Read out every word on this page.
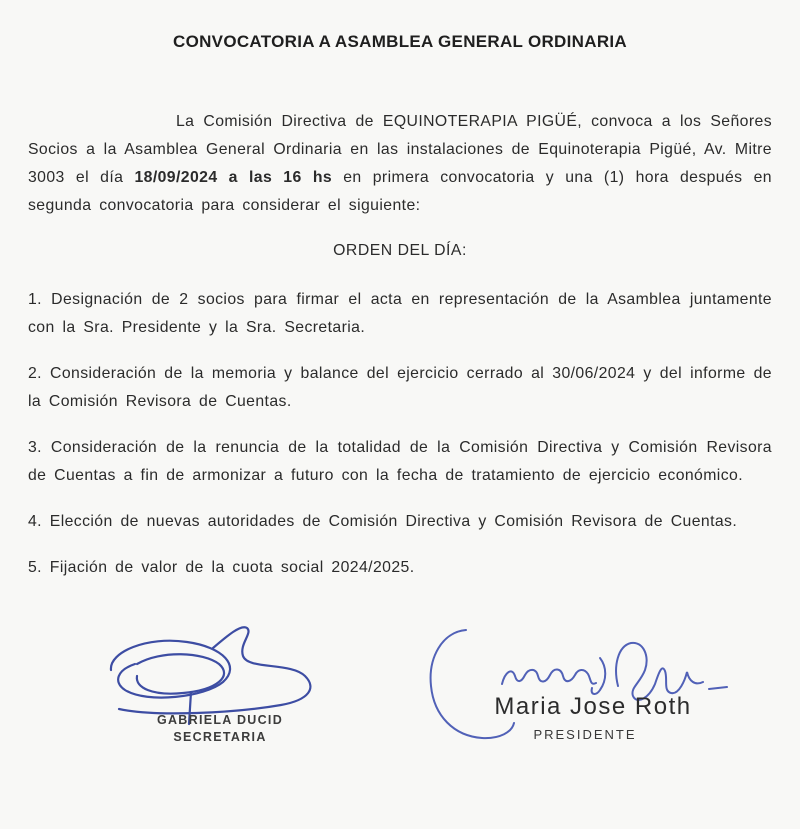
CONVOCATORIA A ASAMBLEA GENERAL ORDINARIA

La Comisión Directiva de EQUINOTERAPIA PIGÜÉ, convoca a los Señores Socios a la Asamblea General Ordinaria en las instalaciones de Equinoterapia Pigüé, Av. Mitre 3003 el día 18/09/2024 a las 16 hs en primera convocatoria y una (1) hora después en segunda convocatoria para considerar el siguiente:

ORDEN DEL DÍA:

1. Designación de 2 socios para firmar el acta en representación de la Asamblea juntamente con la Sra. Presidente y la Sra. Secretaria.

2. Consideración de la memoria y balance del ejercicio cerrado al 30/06/2024 y del informe de la Comisión Revisora de Cuentas.

3. Consideración de la renuncia de la totalidad de la Comisión Directiva y Comisión Revisora de Cuentas a fin de armonizar a futuro con la fecha de tratamiento de ejercicio económico.

4. Elección de nuevas autoridades de Comisión Directiva y Comisión Revisora de Cuentas.

5. Fijación de valor de la cuota social 2024/2025.

GABRIELA DUCID
SECRETARIA
Maria Jose Roth
PRESIDENTE
